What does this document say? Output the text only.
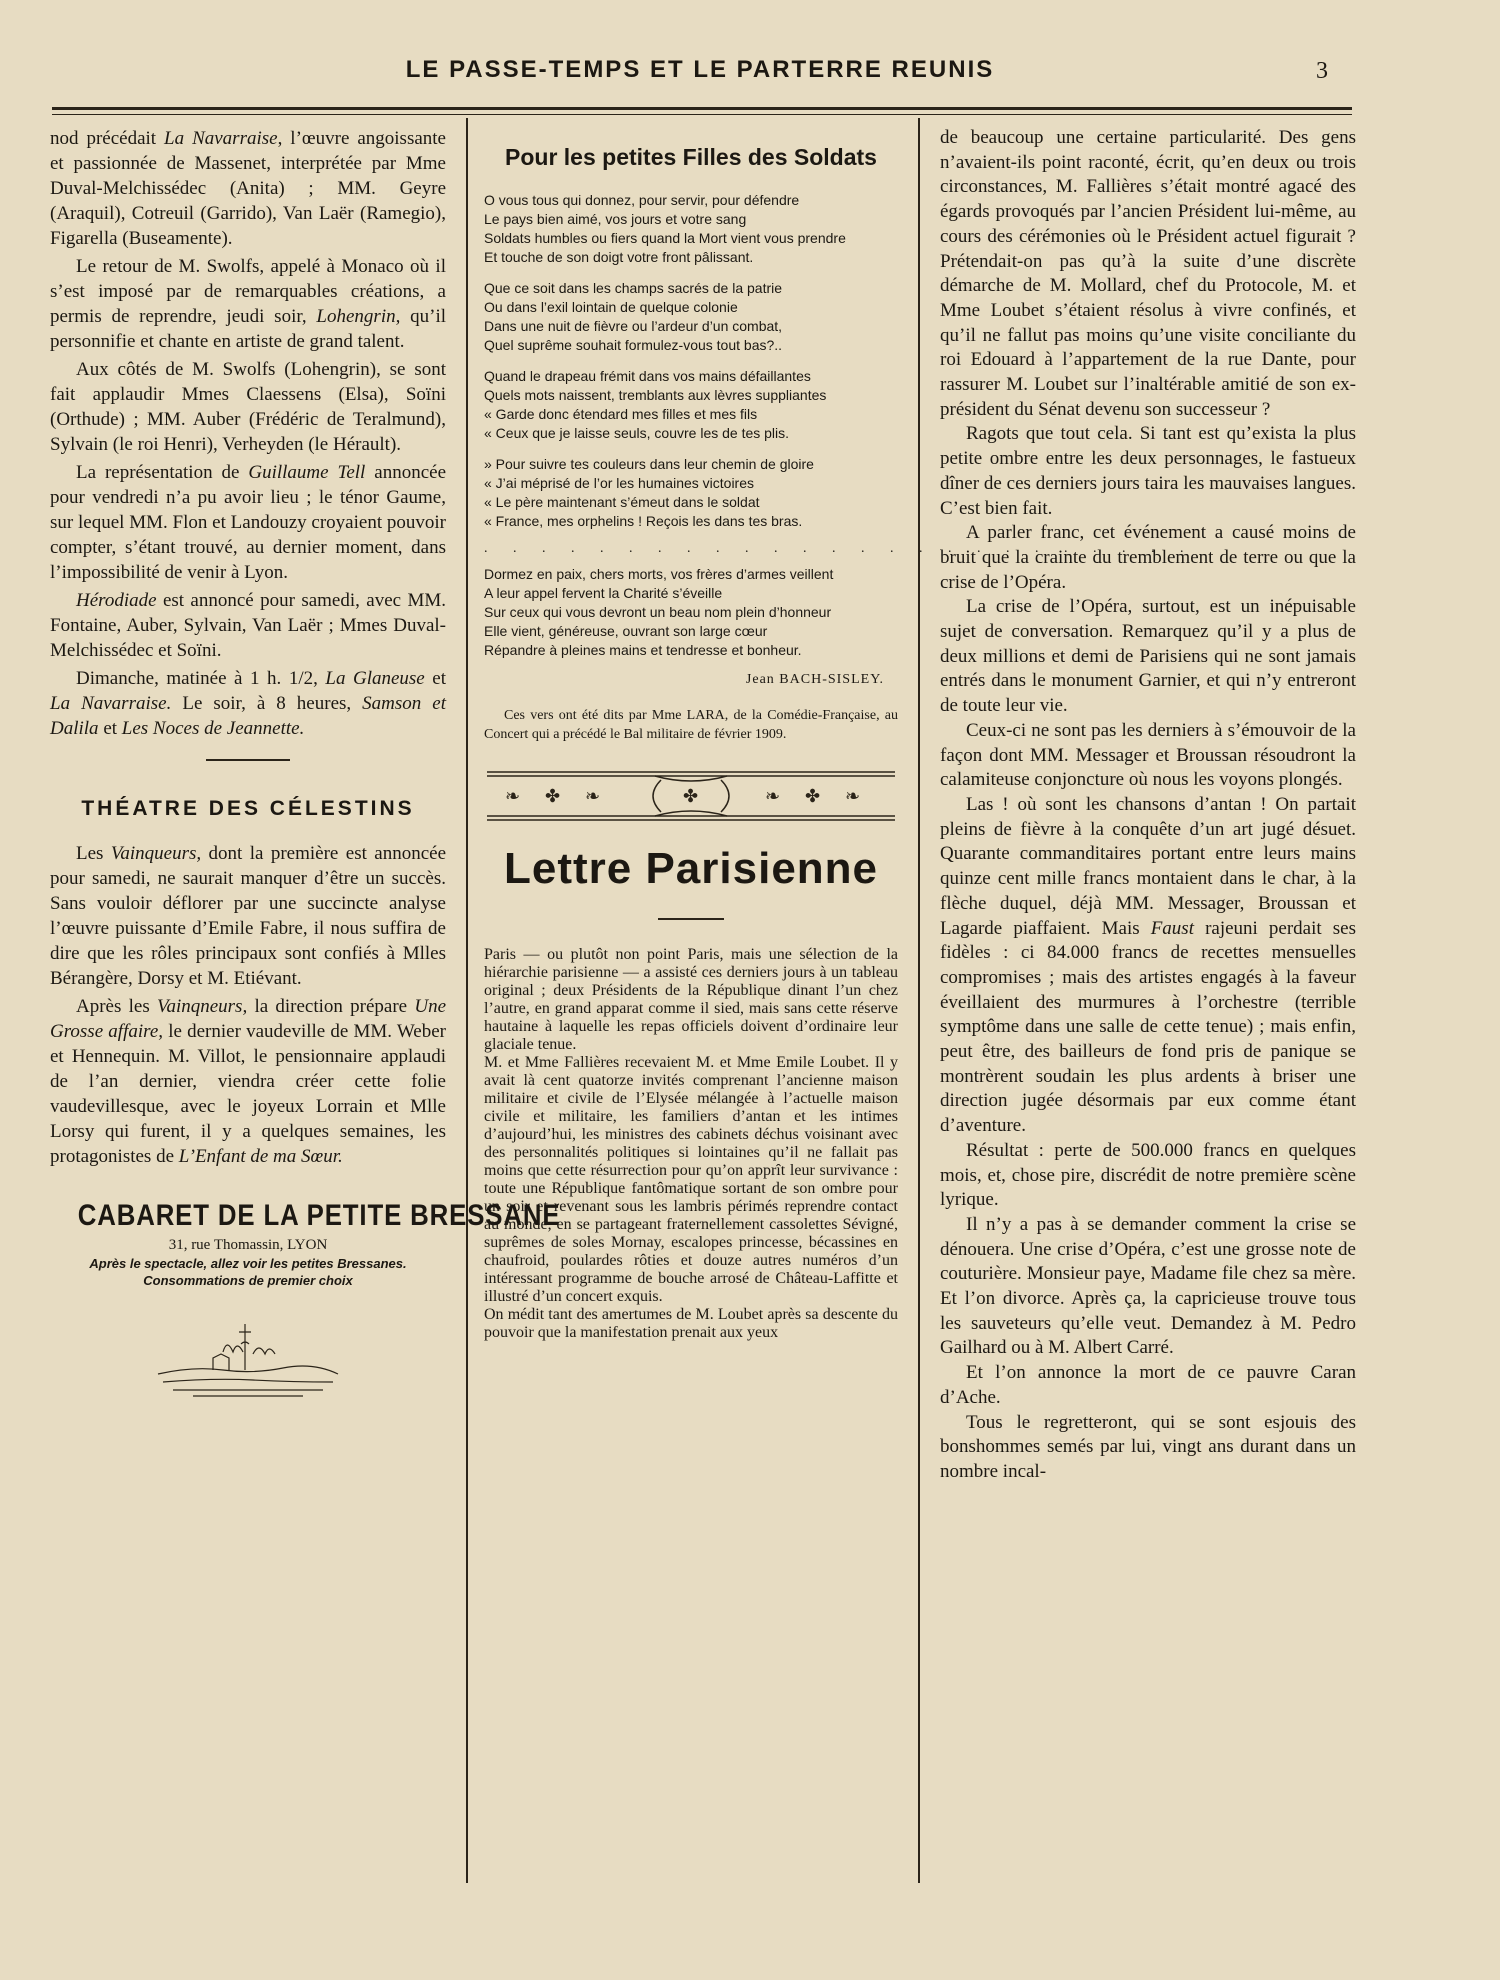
LE PASSE-TEMPS ET LE PARTERRE REUNIS	3

nod précédait La Navarraise, l’œuvre angoissante et passionnée de Massenet, interprétée par Mme Duval-Melchissédec (Anita) ; MM. Geyre (Araquil), Cotreuil (Garrido), Van Laër (Ramegio), Figarella (Buseamente).

Le retour de M. Swolfs, appelé à Monaco où il s’est imposé par de remarquables créations, a permis de reprendre, jeudi soir, Lohengrin, qu’il personnifie et chante en artiste de grand talent.

Aux côtés de M. Swolfs (Lohengrin), se sont fait applaudir Mmes Claessens (Elsa), Soïni (Orthude) ; MM. Auber (Frédéric de Teralmund), Sylvain (le roi Henri), Verheyden (le Hérault).

La représentation de Guillaume Tell annoncée pour vendredi n’a pu avoir lieu ; le ténor Gaume, sur lequel MM. Flon et Landouzy croyaient pouvoir compter, s’étant trouvé, au dernier moment, dans l’impossibilité de venir à Lyon.

Hérodiade est annoncé pour samedi, avec MM. Fontaine, Auber, Sylvain, Van Laër ; Mmes Duval-Melchissédec et Soïni.

Dimanche, matinée à 1 h. 1/2, La Glaneuse et La Navarraise. Le soir, à 8 heures, Samson et Dalila et Les Noces de Jeannette.

THÉATRE DES CÉLESTINS

Les Vainqueurs, dont la première est annoncée pour samedi, ne saurait manquer d’être un succès. Sans vouloir déflorer par une succincte analyse l’œuvre puissante d’Emile Fabre, il nous suffira de dire que les rôles principaux sont confiés à Mlles Bérangère, Dorsy et M. Etiévant.

Après les Vainqneurs, la direction prépare Une Grosse affaire, le dernier vaudeville de MM. Weber et Hennequin. M. Villot, le pensionnaire applaudi de l’an dernier, viendra créer cette folie vaudevillesque, avec le joyeux Lorrain et Mlle Lorsy qui furent, il y a quelques semaines, les protagonistes de L’Enfant de ma Sœur.

CABARET DE LA PETITE BRESSANE
31, rue Thomassin, LYON
Après le spectacle, allez voir les petites Bressanes.
Consommations de premier choix
Pour les petites Filles des Soldats
O vous tous qui donnez, pour servir, pour défendre
Le pays bien aimé, vos jours et votre sang
Soldats humbles ou fiers quand la Mort vient vous prendre
Et touche de son doigt votre front pâlissant.
Que ce soit dans les champs sacrés de la patrie
Ou dans l’exil lointain de quelque colonie
Dans une nuit de fièvre ou l’ardeur d’un combat,
Quel suprême souhait formulez-vous tout bas?..
Quand le drapeau frémit dans vos mains défaillantes
Quels mots naissent, tremblants aux lèvres suppliantes
« Garde donc étendard mes filles et mes fils
« Ceux que je laisse seuls, couvre les de tes plis.
» Pour suivre tes couleurs dans leur chemin de gloire
« J’ai méprisé de l’or les humaines victoires
« Le père maintenant s’émeut dans le soldat
« France, mes orphelins ! Reçois les dans tes bras.
. . . . . . . . . . . . . . . . . . . . . . . . .
Dormez en paix, chers morts, vos frères d’armes veillent
A leur appel fervent la Charité s’éveille
Sur ceux qui vous devront un beau nom plein d’honneur
Elle vient, généreuse, ouvrant son large cœur
Répandre à pleines mains et tendresse et bonheur.
Jean BACH-SISLEY.
Ces vers ont été dits par Mme LARA, de la Comédie-Française, au Concert qui a précédé le Bal militaire de février 1909.
❧ ✤ ❧	✤	❧ ✤ ❧
Lettre Parisienne

Paris — ou plutôt non point Paris, mais une sélection de la hiérarchie parisienne — a assisté ces derniers jours à un tableau original ; deux Présidents de la République dinant l’un chez l’autre, en grand apparat comme il sied, mais sans cette réserve hautaine à laquelle les repas officiels doivent d’ordinaire leur glaciale tenue.

M. et Mme Fallières recevaient M. et Mme Emile Loubet. Il y avait là cent quatorze invités comprenant l’ancienne maison militaire et civile de l’Elysée mélangée à l’actuelle maison civile et militaire, les familiers d’antan et les intimes d’aujourd’hui, les ministres des cabinets déchus voisinant avec des personnalités politiques si lointaines qu’il ne fallait pas moins que cette résurrection pour qu’on apprît leur survivance : toute une République fantômatique sortant de son ombre pour un soir et revenant sous les lambris périmés reprendre contact au monde, en se partageant fraternellement cassolettes Sévigné, suprêmes de soles Mornay, escalopes princesse, bécassines en chaufroid, poulardes rôties et douze autres numéros d’un intéressant programme de bouche arrosé de Château-Laffitte et illustré d’un concert exquis.

On médit tant des amertumes de M. Loubet après sa descente du pouvoir que la manifestation prenait aux yeux

de beaucoup une certaine particularité. Des gens n’avaient-ils point raconté, écrit, qu’en deux ou trois circonstances, M. Fallières s’était montré agacé des égards provoqués par l’ancien Président lui-même, au cours des cérémonies où le Président actuel figurait ? Prétendait-on pas qu’à la suite d’une discrète démarche de M. Mollard, chef du Protocole, M. et Mme Loubet s’étaient résolus à vivre confinés, et qu’il ne fallut pas moins qu’une visite conciliante du roi Edouard à l’appartement de la rue Dante, pour rassurer M. Loubet sur l’inaltérable amitié de son ex-président du Sénat devenu son successeur ?

Ragots que tout cela. Si tant est qu’exista la plus petite ombre entre les deux personnages, le fastueux dîner de ces derniers jours taira les mauvaises langues. C’est bien fait.

A parler franc, cet événement a causé moins de bruit que la crainte du tremblement de terre ou que la crise de l’Opéra.

La crise de l’Opéra, surtout, est un inépuisable sujet de conversation. Remarquez qu’il y a plus de deux millions et demi de Parisiens qui ne sont jamais entrés dans le monument Garnier, et qui n’y entreront de toute leur vie.

Ceux-ci ne sont pas les derniers à s’émouvoir de la façon dont MM. Messager et Broussan résoudront la calamiteuse conjoncture où nous les voyons plongés.

Las ! où sont les chansons d’antan ! On partait pleins de fièvre à la conquête d’un art jugé désuet. Quarante commanditaires portant entre leurs mains quinze cent mille francs montaient dans le char, à la flèche duquel, déjà MM. Messager, Broussan et Lagarde piaffaient. Mais Faust rajeuni perdait ses fidèles : ci 84.000 francs de recettes mensuelles compromises ; mais des artistes engagés à la faveur éveillaient des murmures à l’orchestre (terrible symptôme dans une salle de cette tenue) ; mais enfin, peut être, des bailleurs de fond pris de panique se montrèrent soudain les plus ardents à briser une direction jugée désormais par eux comme étant d’aventure.

Résultat : perte de 500.000 francs en quelques mois, et, chose pire, discrédit de notre première scène lyrique.

Il n’y a pas à se demander comment la crise se dénouera. Une crise d’Opéra, c’est une grosse note de couturière. Monsieur paye, Madame file chez sa mère. Et l’on divorce. Après ça, la capricieuse trouve tous les sauveteurs qu’elle veut. Demandez à M. Pedro Gailhard ou à M. Albert Carré.

Et l’on annonce la mort de ce pauvre Caran d’Ache.

Tous le regretteront, qui se sont esjouis des bonshommes semés par lui, vingt ans durant dans un nombre incal-
